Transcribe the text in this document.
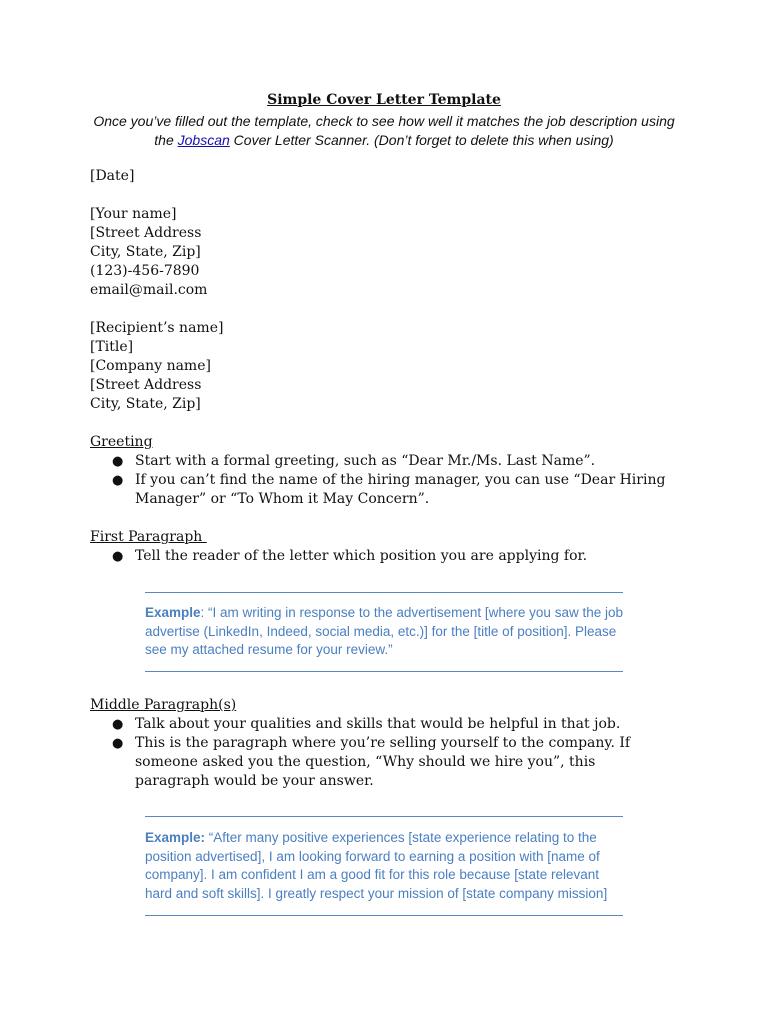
Simple Cover Letter Template
Once you’ve filled out the template, check to see how well it matches the job description using the Jobscan Cover Letter Scanner. (Don’t forget to delete this when using)
[Date]
[Your name]
[Street Address
City, State, Zip]
(123)-456-7890
email@mail.com
[Recipient’s name]
[Title]
[Company name]
[Street Address
City, State, Zip]
Greeting
● Start with a formal greeting, such as “Dear Mr./Ms. Last Name”.
● If you can’t find the name of the hiring manager, you can use “Dear Hiring Manager” or “To Whom it May Concern”.
First Paragraph
● Tell the reader of the letter which position you are applying for.
Example: “I am writing in response to the advertisement [where you saw the job advertise (LinkedIn, Indeed, social media, etc.)] for the [title of position]. Please see my attached resume for your review.”
Middle Paragraph(s)
● Talk about your qualities and skills that would be helpful in that job.
● This is the paragraph where you’re selling yourself to the company. If someone asked you the question, “Why should we hire you”, this paragraph would be your answer.
Example: “After many positive experiences [state experience relating to the position advertised], I am looking forward to earning a position with [name of company]. I am confident I am a good fit for this role because [state relevant hard and soft skills]. I greatly respect your mission of [state company mission]
